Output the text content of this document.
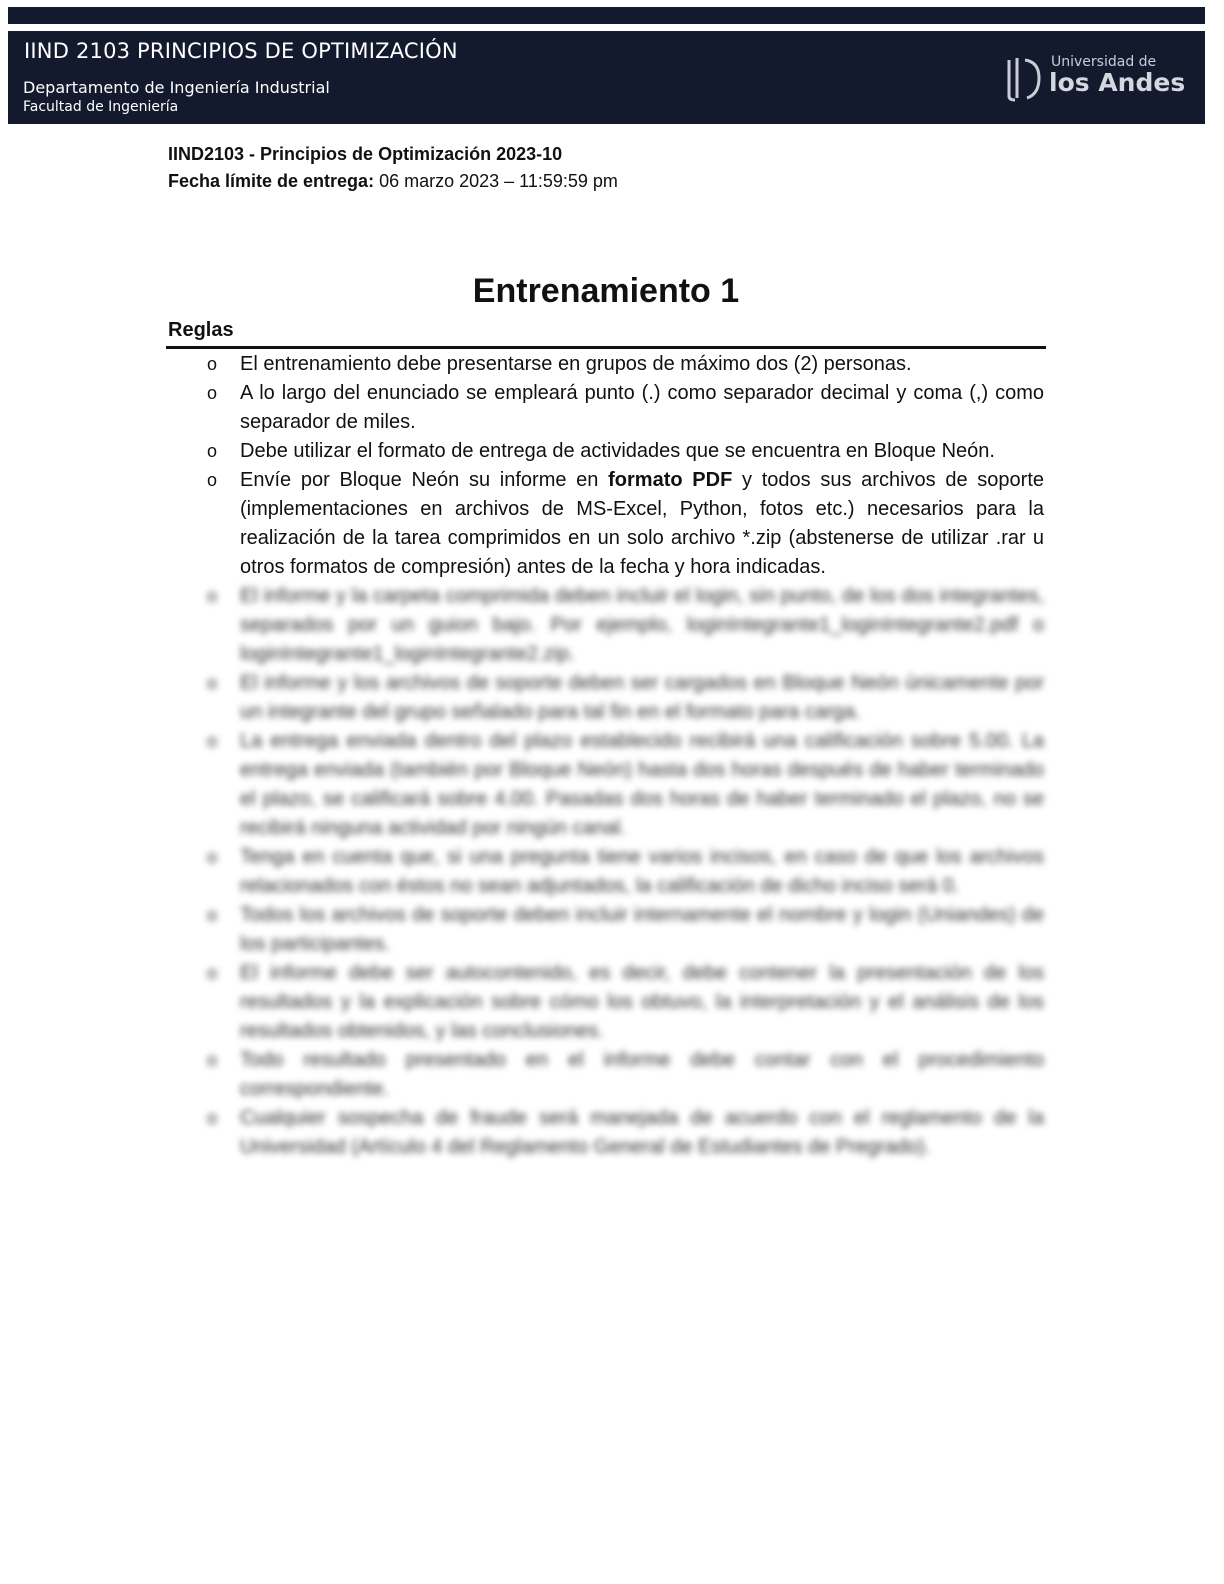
IIND 2103 PRINCIPIOS DE OPTIMIZACIÓN
Departamento de Ingeniería Industrial
Facultad de Ingeniería
Universidad de
los Andes
IIND2103 - Principios de Optimización 2023-10
Fecha límite de entrega: 06 marzo 2023 – 11:59:59 pm
Entrenamiento 1
Reglas
o El entrenamiento debe presentarse en grupos de máximo dos (2) personas.
o A lo largo del enunciado se empleará punto (.) como separador decimal y coma (,) como separador de miles.
o Debe utilizar el formato de entrega de actividades que se encuentra en Bloque Neón.
o Envíe por Bloque Neón su informe en formato PDF y todos sus archivos de soporte (implementaciones en archivos de MS-Excel, Python, fotos etc.) necesarios para la realización de la tarea comprimidos en un solo archivo *.zip (abstenerse de utilizar .rar u otros formatos de compresión) antes de la fecha y hora indicadas.
o El informe y la carpeta comprimida deben incluir el login, sin punto, de los dos integrantes, separados por un guion bajo. Por ejemplo, loginIntegrante1_loginIntegrante2.pdf o loginIntegrante1_loginIntegrante2.zip.
o El informe y los archivos de soporte deben ser cargados en Bloque Neón únicamente por un integrante del grupo señalado para tal fin en el formato para carga.
o La entrega enviada dentro del plazo establecido recibirá una calificación sobre 5.00. La entrega enviada (también por Bloque Neón) hasta dos horas después de haber terminado el plazo, se calificará sobre 4.00. Pasadas dos horas de haber terminado el plazo, no se recibirá ninguna actividad por ningún canal.
o Tenga en cuenta que, si una pregunta tiene varios incisos, en caso de que los archivos relacionados con éstos no sean adjuntados, la calificación de dicho inciso será 0.
o Todos los archivos de soporte deben incluir internamente el nombre y login (Uniandes) de los participantes.
o El informe debe ser autocontenido, es decir, debe contener la presentación de los resultados y la explicación sobre cómo los obtuvo, la interpretación y el análisis de los resultados obtenidos, y las conclusiones.
o Todo resultado presentado en el informe debe contar con el procedimiento correspondiente.
o Cualquier sospecha de fraude será manejada de acuerdo con el reglamento de la Universidad (Artículo 4 del Reglamento General de Estudiantes de Pregrado).
